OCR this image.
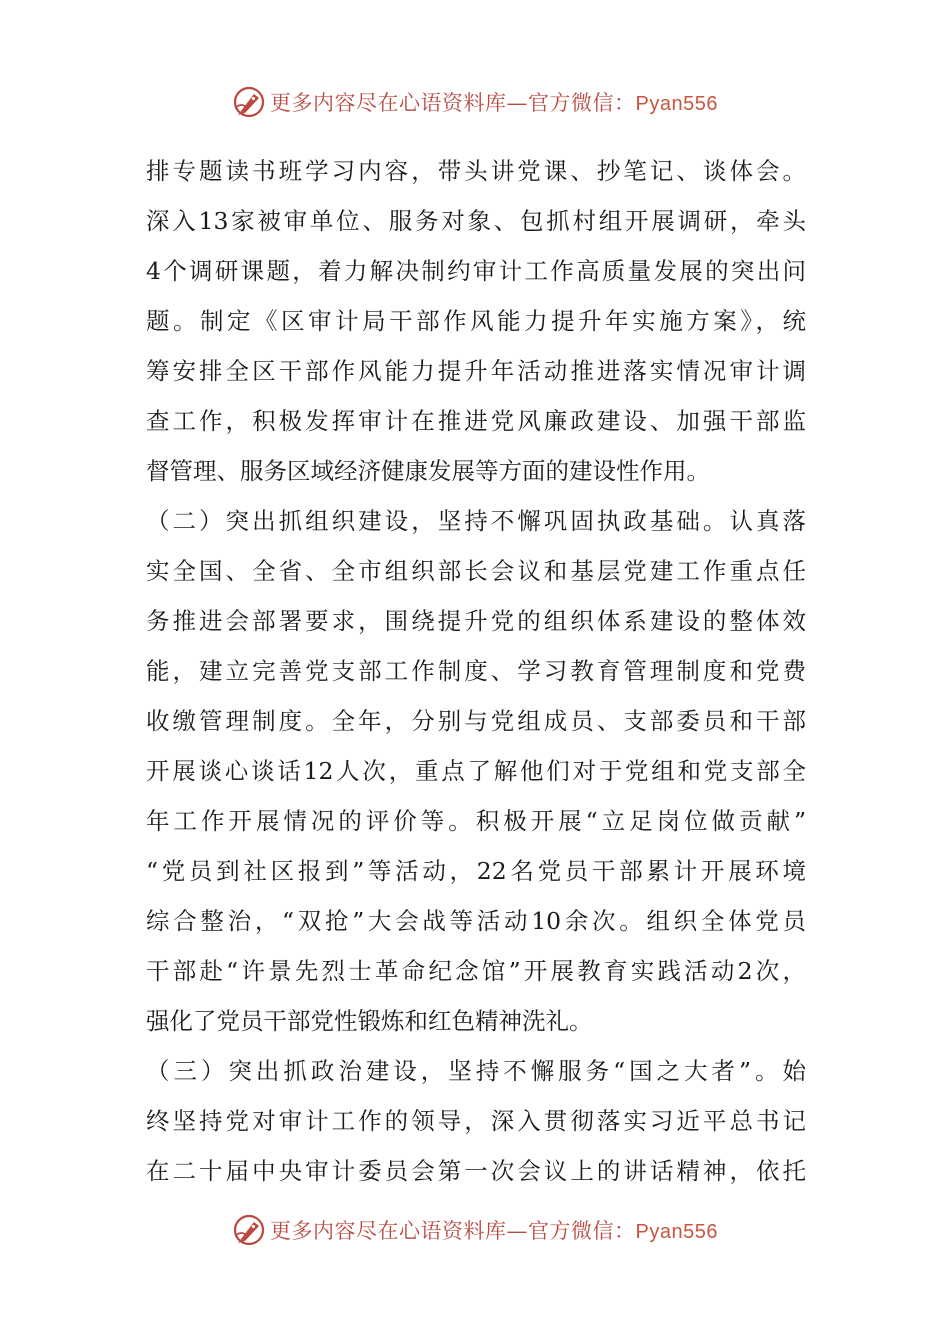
更多内容尽在心语资料库—官方微信：Pyan556
排专题读书班学习内容，带头讲党课、抄笔记、谈体会。
深入13家被审单位、服务对象、包抓村组开展调研，牵头
4个调研课题，着力解决制约审计工作高质量发展的突出问
题。制定《区审计局干部作风能力提升年实施方案》，统
筹安排全区干部作风能力提升年活动推进落实情况审计调
查工作，积极发挥审计在推进党风廉政建设、加强干部监
督管理、服务区域经济健康发展等方面的建设性作用。
（二）突出抓组织建设，坚持不懈巩固执政基础。认真落
实全国、全省、全市组织部长会议和基层党建工作重点任
务推进会部署要求，围绕提升党的组织体系建设的整体效
能，建立完善党支部工作制度、学习教育管理制度和党费
收缴管理制度。全年，分别与党组成员、支部委员和干部
开展谈心谈话12人次，重点了解他们对于党组和党支部全
年工作开展情况的评价等。积极开展“立足岗位做贡献”
“党员到社区报到”等活动，22名党员干部累计开展环境
综合整治，“双抢”大会战等活动10余次。组织全体党员
干部赴“许景先烈士革命纪念馆”开展教育实践活动2次，
强化了党员干部党性锻炼和红色精神洗礼。
（三）突出抓政治建设，坚持不懈服务“国之大者”。始
终坚持党对审计工作的领导，深入贯彻落实习近平总书记
在二十届中央审计委员会第一次会议上的讲话精神，依托
更多内容尽在心语资料库—官方微信：Pyan556
